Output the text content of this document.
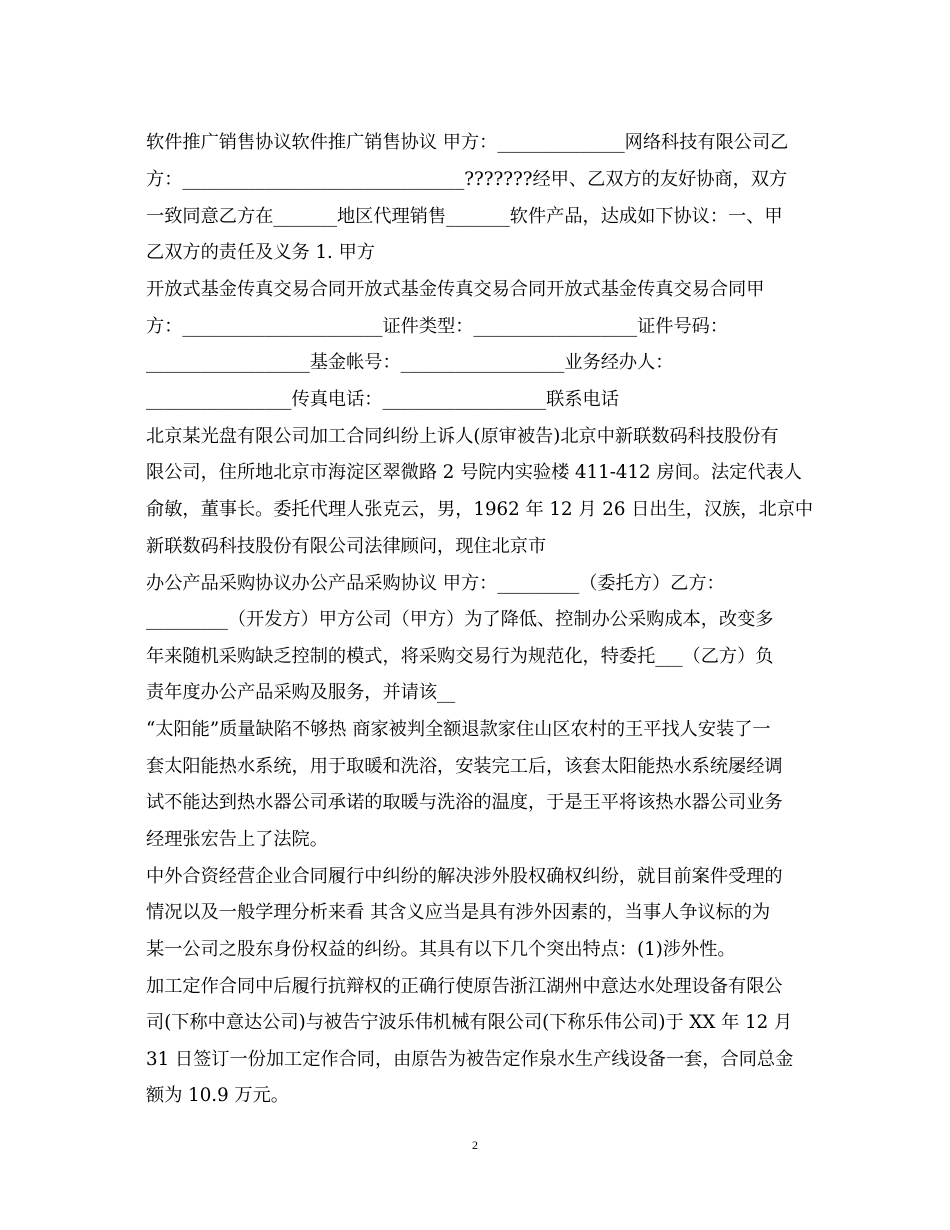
软件推广销售协议软件推广销售协议 甲方：______________网络科技有限公司乙
方：_______________________________???????经甲、乙双方的友好协商，双方
一致同意乙方在_______地区代理销售_______软件产品，达成如下协议：一、甲
乙双方的责任及义务 1. 甲方
开放式基金传真交易合同开放式基金传真交易合同开放式基金传真交易合同甲
方：______________________证件类型：__________________证件号码：
__________________基金帐号：__________________业务经办人：
________________传真电话：__________________联系电话
北京某光盘有限公司加工合同纠纷上诉人(原审被告)北京中新联数码科技股份有
限公司，住所地北京市海淀区翠微路 2 号院内实验楼 411-412 房间。法定代表人
俞敏，董事长。委托代理人张克云，男，1962 年 12 月 26 日出生，汉族，北京中
新联数码科技股份有限公司法律顾问，现住北京市
办公产品采购协议办公产品采购协议 甲方：_________（委托方）乙方：
_________（开发方）甲方公司（甲方）为了降低、控制办公采购成本，改变多
年来随机采购缺乏控制的模式，将采购交易行为规范化，特委托___（乙方）负
责年度办公产品采购及服务，并请该__
“太阳能”质量缺陷不够热 商家被判全额退款家住山区农村的王平找人安装了一
套太阳能热水系统，用于取暖和洗浴，安装完工后，该套太阳能热水系统屡经调
试不能达到热水器公司承诺的取暖与洗浴的温度，于是王平将该热水器公司业务
经理张宏告上了法院。
中外合资经营企业合同履行中纠纷的解决涉外股权确权纠纷，就目前案件受理的
情况以及一般学理分析来看 其含义应当是具有涉外因素的，当事人争议标的为
某一公司之股东身份权益的纠纷。其具有以下几个突出特点：(1)涉外性。
加工定作合同中后履行抗辩权的正确行使原告浙江湖州中意达水处理设备有限公
司(下称中意达公司)与被告宁波乐伟机械有限公司(下称乐伟公司)于 XX 年 12 月
31 日签订一份加工定作合同，由原告为被告定作泉水生产线设备一套，合同总金
额为 10.9 万元。
2
